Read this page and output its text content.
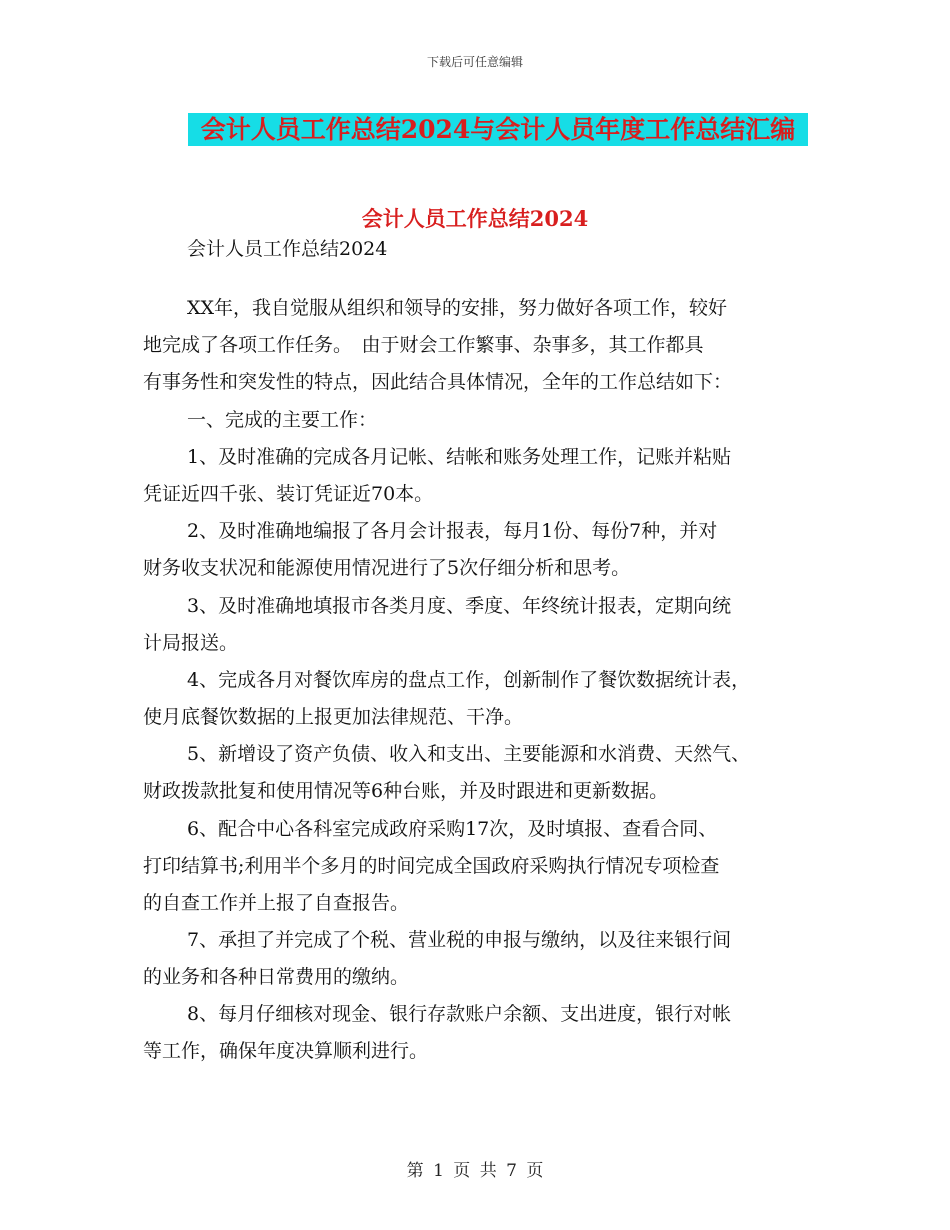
下载后可任意编辑
会计人员工作总结2024与会计人员年度工作总结汇编
会计人员工作总结2024

会计人员工作总结2024

XX年，我自觉服从组织和领导的安排，努力做好各项工作，较好

地完成了各项工作任务。　由于财会工作繁事、杂事多，其工作都具

有事务性和突发性的特点，因此结合具体情况，全年的工作总结如下：

一、完成的主要工作：

1、及时准确的完成各月记帐、结帐和账务处理工作，记账并粘贴

凭证近四千张、装订凭证近70本。

2、及时准确地编报了各月会计报表，每月1份、每份7种，并对

财务收支状况和能源使用情况进行了5次仔细分析和思考。

3、及时准确地填报市各类月度、季度、年终统计报表，定期向统

计局报送。

4、完成各月对餐饮库房的盘点工作，创新制作了餐饮数据统计表，

使月底餐饮数据的上报更加法律规范、干净。

5、新增设了资产负债、收入和支出、主要能源和水消费、天然气、

财政拨款批复和使用情况等6种台账，并及时跟进和更新数据。

6、配合中心各科室完成政府采购17次，及时填报、查看合同、

打印结算书;利用半个多月的时间完成全国政府采购执行情况专项检查

的自查工作并上报了自查报告。

7、承担了并完成了个税、营业税的申报与缴纳，以及往来银行间

的业务和各种日常费用的缴纳。

8、每月仔细核对现金、银行存款账户余额、支出进度，银行对帐

等工作，确保年度决算顺利进行。

第 1 页 共 7 页
